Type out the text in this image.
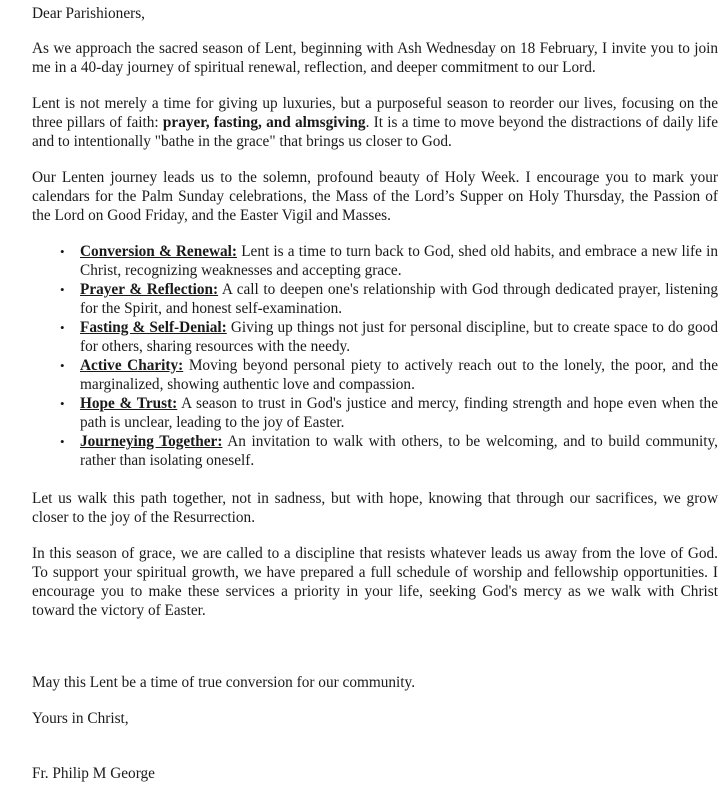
Dear Parishioners,

As we approach the sacred season of Lent, beginning with Ash Wednesday on 18 February, I invite you to join me in a 40-day journey of spiritual renewal, reflection, and deeper commitment to our Lord.

Lent is not merely a time for giving up luxuries, but a purposeful season to reorder our lives, focusing on the three pillars of faith: prayer, fasting, and almsgiving. It is a time to move beyond the distractions of daily life and to intentionally "bathe in the grace" that brings us closer to God.

Our Lenten journey leads us to the solemn, profound beauty of Holy Week. I encourage you to mark your calendars for the Palm Sunday celebrations, the Mass of the Lord’s Supper on Holy Thursday, the Passion of the Lord on Good Friday, and the Easter Vigil and Masses.

• Conversion & Renewal: Lent is a time to turn back to God, shed old habits, and embrace a new life in Christ, recognizing weaknesses and accepting grace.
• Prayer & Reflection: A call to deepen one's relationship with God through dedicated prayer, listening for the Spirit, and honest self-examination.
• Fasting & Self-Denial: Giving up things not just for personal discipline, but to create space to do good for others, sharing resources with the needy.
• Active Charity: Moving beyond personal piety to actively reach out to the lonely, the poor, and the marginalized, showing authentic love and compassion.
• Hope & Trust: A season to trust in God's justice and mercy, finding strength and hope even when the path is unclear, leading to the joy of Easter.
• Journeying Together: An invitation to walk with others, to be welcoming, and to build community, rather than isolating oneself.

Let us walk this path together, not in sadness, but with hope, knowing that through our sacrifices, we grow closer to the joy of the Resurrection.

In this season of grace, we are called to a discipline that resists whatever leads us away from the love of God. To support your spiritual growth, we have prepared a full schedule of worship and fellowship opportunities. I encourage you to make these services a priority in your life, seeking God's mercy as we walk with Christ toward the victory of Easter.

May this Lent be a time of true conversion for our community.

Yours in Christ,

Fr. Philip M George
